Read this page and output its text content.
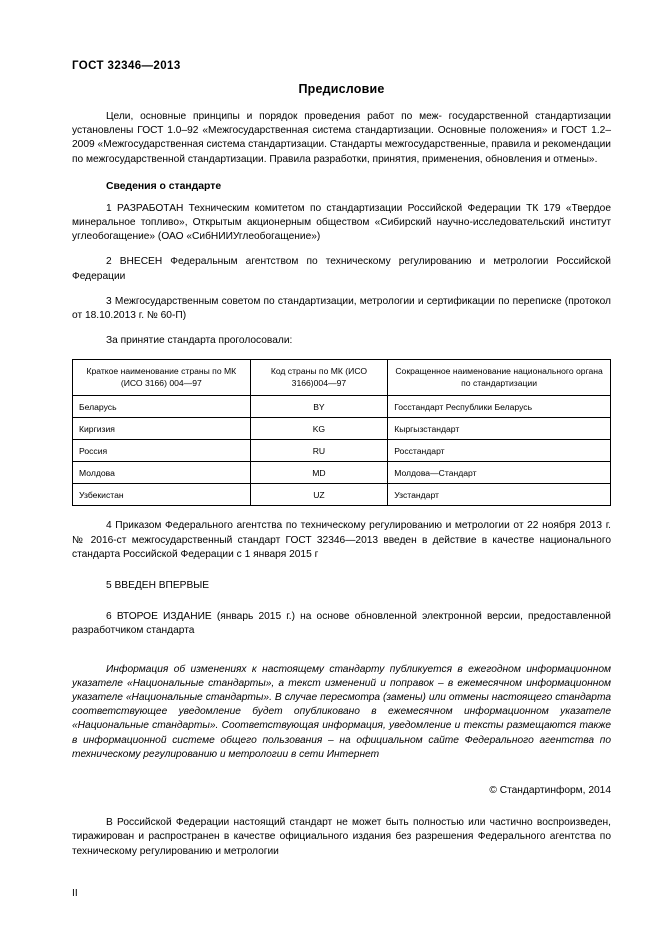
ГОСТ 32346—2013
Предисловие

Цели, основные принципы и порядок проведения работ по меж- государственной стандартизации установлены ГОСТ 1.0–92 «Межгосударственная система стандартизации. Основные положения» и ГОСТ 1.2–2009 «Межгосударственная система стандартизации. Стандарты межгосударственные, правила и рекомендации по межгосударственной стандартизации. Правила разработки, принятия, применения, обновления и отмены».

Сведения о стандарте

1 РАЗРАБОТАН Техническим комитетом по стандартизации Российской Федерации ТК 179 «Твердое минеральное топливо», Открытым акционерным обществом «Сибирский научно-исследовательский институт углеобогащение» (ОАО «СибНИИУглеобогащение»)

2 ВНЕСЕН Федеральным агентством по техническому регулированию и метрологии Российской Федерации

3 Межгосударственным советом по стандартизации, метрологии и сертификации по переписке (протокол от 18.10.2013 г. № 60-П)

За принятие стандарта проголосовали:

Краткое наименование страны по МК (ИСО 3166) 004—97	Код страны по МК (ИСО 3166)004—97	Сокращенное наименование национального органа по стандартизации
Беларусь	BY	Госстандарт Республики Беларусь
Киргизия	KG	Кыргызстандарт
Россия	RU	Росстандарт
Молдова	MD	Молдова—Стандарт
Узбекистан	UZ	Узстандарт

4 Приказом Федерального агентства по техническому регулированию и метрологии от 22 ноября 2013 г. № 2016-ст межгосударственный стандарт ГОСТ 32346—2013 введен в действие в качестве национального стандарта Российской Федерации с 1 января 2015 г

5 ВВЕДЕН ВПЕРВЫЕ

6 ВТОРОЕ ИЗДАНИЕ (январь 2015 г.) на основе обновленной электронной версии, предоставленной разработчиком стандарта

Информация об изменениях к настоящему стандарту публикуется в ежегодном информационном указателе «Национальные стандарты», а текст изменений и поправок – в ежемесячном информационном указателе «Национальные стандарты». В случае пересмотра (замены) или отмены настоящего стандарта соответствующее уведомление будет опубликовано в ежемесячном информационном указателе «Национальные стандарты». Соответствующая информация, уведомление и тексты размещаются также в информационной системе общего пользования – на официальном сайте Федерального агентства по техническому регулированию и метрологии в сети Интернет

© Стандартинформ, 2014

В Российской Федерации настоящий стандарт не может быть полностью или частично воспроизведен, тиражирован и распространен в качестве официального издания без разрешения Федерального агентства по техническому регулированию и метрологии

II
